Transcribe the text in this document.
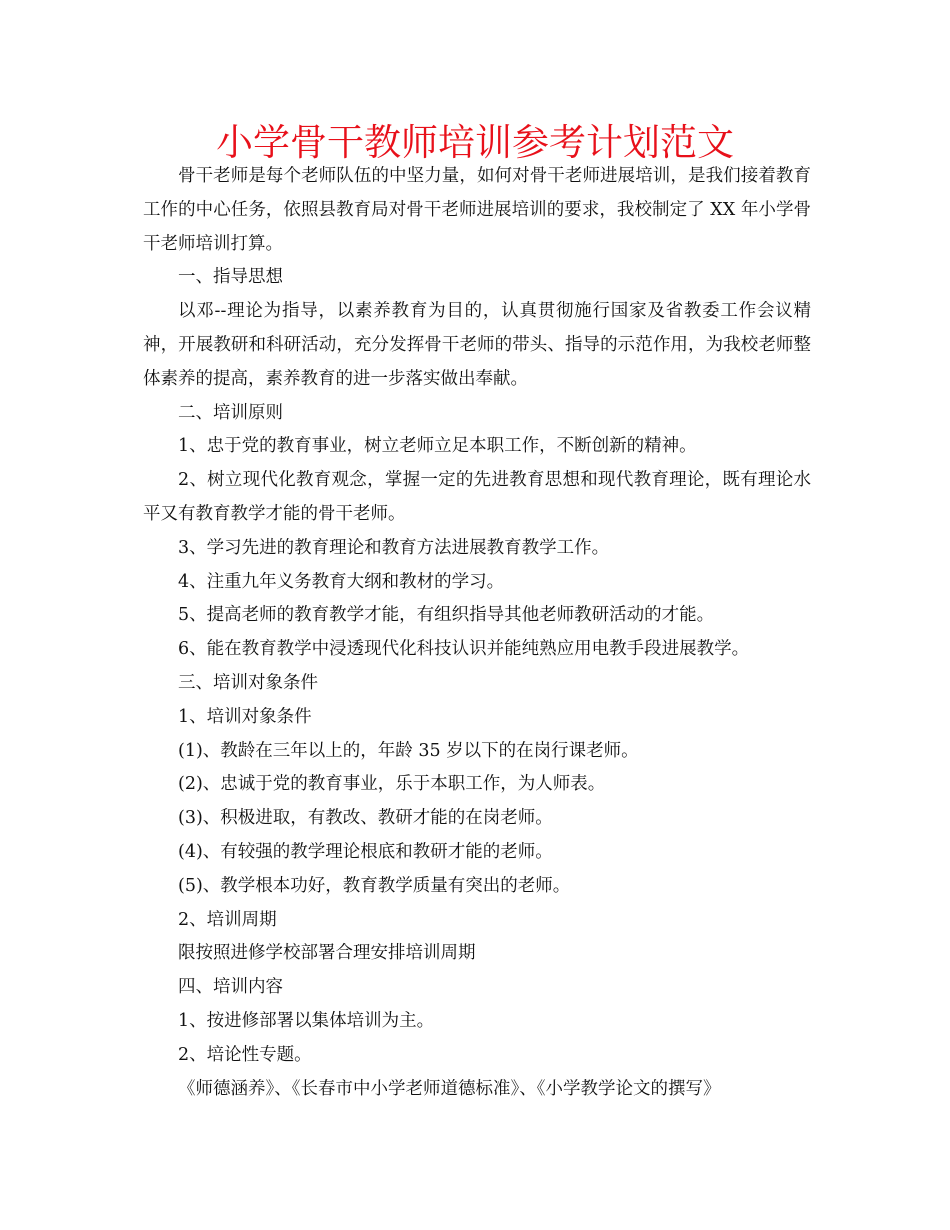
小学骨干教师培训参考计划范文

骨干老师是每个老师队伍的中坚力量，如何对骨干老师进展培训，是我们接着教育工作的中心任务，依照县教育局对骨干老师进展培训的要求，我校制定了 XX 年小学骨干老师培训打算。

一、指导思想

以邓--理论为指导，以素养教育为目的，认真贯彻施行国家及省教委工作会议精神，开展教研和科研活动，充分发挥骨干老师的带头、指导的示范作用，为我校老师整体素养的提高，素养教育的进一步落实做出奉献。

二、培训原则

1、忠于党的教育事业，树立老师立足本职工作，不断创新的精神。

2、树立现代化教育观念，掌握一定的先进教育思想和现代教育理论，既有理论水平又有教育教学才能的骨干老师。

3、学习先进的教育理论和教育方法进展教育教学工作。

4、注重九年义务教育大纲和教材的学习。

5、提高老师的教育教学才能，有组织指导其他老师教研活动的才能。

6、能在教育教学中浸透现代化科技认识并能纯熟应用电教手段进展教学。

三、培训对象条件

1、培训对象条件

(1)、教龄在三年以上的，年龄 35 岁以下的在岗行课老师。

(2)、忠诚于党的教育事业，乐于本职工作，为人师表。

(3)、积极进取，有教改、教研才能的在岗老师。

(4)、有较强的教学理论根底和教研才能的老师。

(5)、教学根本功好，教育教学质量有突出的老师。

2、培训周期

限按照进修学校部署合理安排培训周期

四、培训内容

1、按进修部署以集体培训为主。

2、培论性专题。

《师德涵养》、《长春市中小学老师道德标准》、《小学教学论文的撰写》
